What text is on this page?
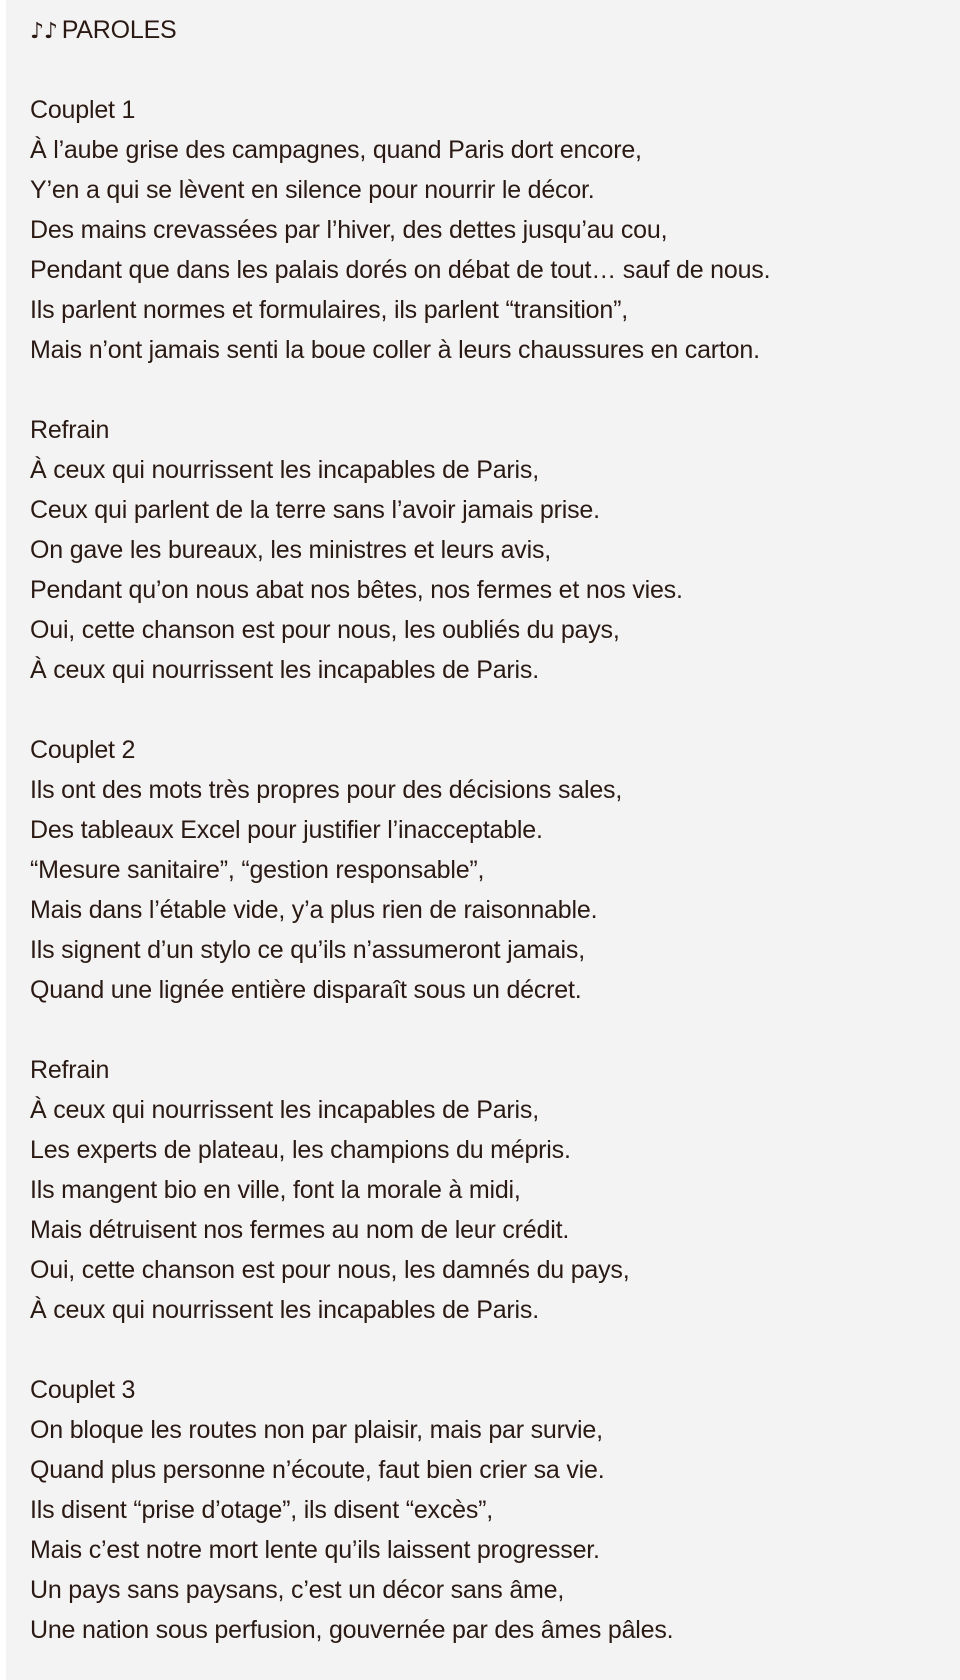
♪♪ PAROLES
Couplet 1
À l’aube grise des campagnes, quand Paris dort encore,
Y’en a qui se lèvent en silence pour nourrir le décor.
Des mains crevassées par l’hiver, des dettes jusqu’au cou,
Pendant que dans les palais dorés on débat de tout… sauf de nous.
Ils parlent normes et formulaires, ils parlent “transition”,
Mais n’ont jamais senti la boue coller à leurs chaussures en carton.
Refrain
À ceux qui nourrissent les incapables de Paris,
Ceux qui parlent de la terre sans l’avoir jamais prise.
On gave les bureaux, les ministres et leurs avis,
Pendant qu’on nous abat nos bêtes, nos fermes et nos vies.
Oui, cette chanson est pour nous, les oubliés du pays,
À ceux qui nourrissent les incapables de Paris.
Couplet 2
Ils ont des mots très propres pour des décisions sales,
Des tableaux Excel pour justifier l’inacceptable.
“Mesure sanitaire”, “gestion responsable”,
Mais dans l’étable vide, y’a plus rien de raisonnable.
Ils signent d’un stylo ce qu’ils n’assumeront jamais,
Quand une lignée entière disparaît sous un décret.
Refrain
À ceux qui nourrissent les incapables de Paris,
Les experts de plateau, les champions du mépris.
Ils mangent bio en ville, font la morale à midi,
Mais détruisent nos fermes au nom de leur crédit.
Oui, cette chanson est pour nous, les damnés du pays,
À ceux qui nourrissent les incapables de Paris.
Couplet 3
On bloque les routes non par plaisir, mais par survie,
Quand plus personne n’écoute, faut bien crier sa vie.
Ils disent “prise d’otage”, ils disent “excès”,
Mais c’est notre mort lente qu’ils laissent progresser.
Un pays sans paysans, c’est un décor sans âme,
Une nation sous perfusion, gouvernée par des âmes pâles.
